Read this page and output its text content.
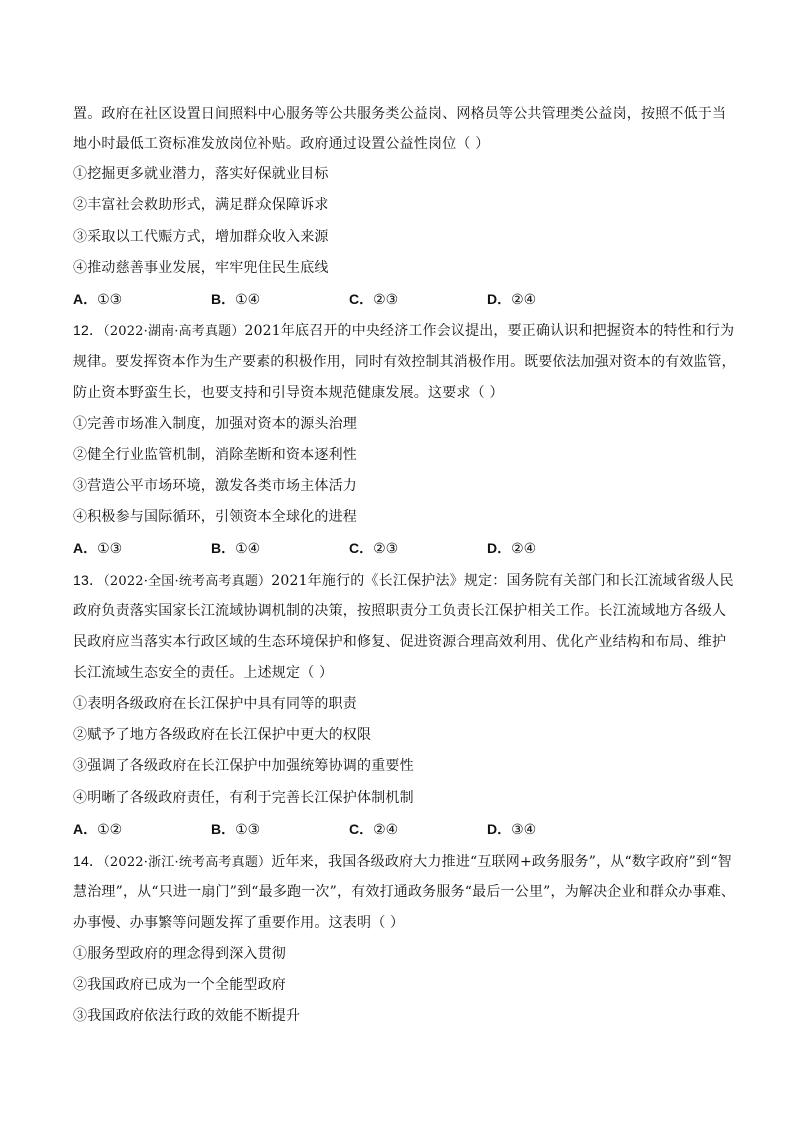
置。政府在社区设置日间照料中心服务等公共服务类公益岗、网格员等公共管理类公益岗，按照不低于当
地小时最低工资标准发放岗位补贴。政府通过设置公益性岗位（ ）
①挖掘更多就业潜力，落实好保就业目标
②丰富社会救助形式，满足群众保障诉求
③采取以工代赈方式，增加群众收入来源
④推动慈善事业发展，牢牢兜住民生底线
A．①③	B．①④	C．②③	D．②④
12．（2022·湖南·高考真题）2021年底召开的中央经济工作会议提出，要正确认识和把握资本的特性和行为
规律。要发挥资本作为生产要素的积极作用，同时有效控制其消极作用。既要依法加强对资本的有效监管，
防止资本野蛮生长，也要支持和引导资本规范健康发展。这要求（ ）
①完善市场准入制度，加强对资本的源头治理
②健全行业监管机制，消除垄断和资本逐利性
③营造公平市场环境，激发各类市场主体活力
④积极参与国际循环，引领资本全球化的进程
A．①③	B．①④	C．②③	D．②④
13．（2022·全国·统考高考真题）2021年施行的《长江保护法》规定：国务院有关部门和长江流域省级人民
政府负责落实国家长江流域协调机制的决策，按照职责分工负责长江保护相关工作。长江流域地方各级人
民政府应当落实本行政区域的生态环境保护和修复、促进资源合理高效利用、优化产业结构和布局、维护
长江流域生态安全的责任。上述规定（ ）
①表明各级政府在长江保护中具有同等的职责
②赋予了地方各级政府在长江保护中更大的权限
③强调了各级政府在长江保护中加强统筹协调的重要性
④明晰了各级政府责任，有利于完善长江保护体制机制
A．①②	B．①③	C．②④	D．③④
14．（2022·浙江·统考高考真题）近年来，我国各级政府大力推进“互联网+政务服务”，从“数字政府”到“智
慧治理”，从“只进一扇门”到“最多跑一次”，有效打通政务服务“最后一公里”，为解决企业和群众办事难、
办事慢、办事繁等问题发挥了重要作用。这表明（ ）
①服务型政府的理念得到深入贯彻
②我国政府已成为一个全能型政府
③我国政府依法行政的效能不断提升
